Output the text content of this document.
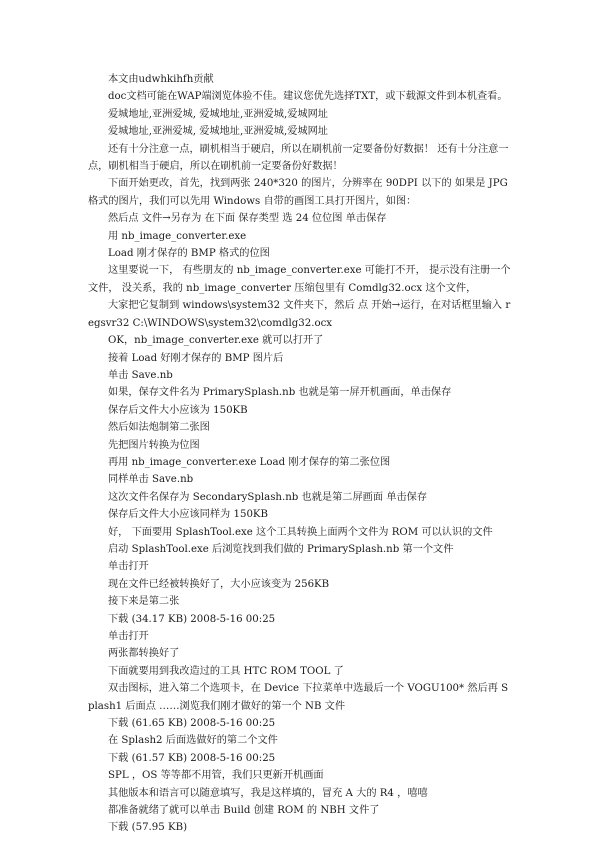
本文由udwhkihfh贡献

doc文档可能在WAP端浏览体验不佳。建议您优先选择TXT，或下载源文件到本机查看。

爱城地址,亚洲爱城, 爱城地址,亚洲爱城,爱城网址

爱城地址,亚洲爱城, 爱城地址,亚洲爱城,爱城网址

还有十分注意一点，刷机相当于硬启，所以在刷机前一定要备份好数据！ 还有十分注意一点，刷机相当于硬启，所以在刷机前一定要备份好数据！

下面开始更改，首先，找到两张 240*320 的图片，分辨率在 90DPI 以下的 如果是 JPG 格式的图片，我们可以先用 Windows 自带的画图工具打开图片，如图：

然后点 文件→另存为 在下面 保存类型 选 24 位位图 单击保存

用 nb_image_converter.exe

Load 刚才保存的 BMP 格式的位图

这里要说一下， 有些朋友的 nb_image_converter.exe 可能打不开， 提示没有注册一个文件， 没关系，我的 nb_image_converter 压缩包里有 Comdlg32.ocx 这个文件，

大家把它复制到 windows\system32 文件夹下，然后 点 开始→运行，在对话框里输入 regsvr32 C:\WINDOWS\system32\comdlg32.ocx

OK，nb_image_converter.exe 就可以打开了

接着 Load 好刚才保存的 BMP 图片后

单击 Save.nb

如果，保存文件名为 PrimarySplash.nb 也就是第一屏开机画面，单击保存

保存后文件大小应该为 150KB

然后如法炮制第二张图

先把图片转换为位图

再用 nb_image_converter.exe Load 刚才保存的第二张位图

同样单击 Save.nb

这次文件名保存为 SecondarySplash.nb 也就是第二屏画面 单击保存

保存后文件大小应该同样为 150KB

好， 下面要用 SplashTool.exe 这个工具转换上面两个文件为 ROM 可以认识的文件

启动 SplashTool.exe 后浏览找到我们做的 PrimarySplash.nb 第一个文件

单击打开

现在文件已经被转换好了，大小应该变为 256KB

接下来是第二张

下载 (34.17 KB) 2008-5-16 00:25

单击打开

两张都转换好了

下面就要用到我改造过的工具 HTC ROM TOOL 了

双击图标，进入第二个选项卡，在 Device 下拉菜单中选最后一个 VOGU100* 然后再 Splash1 后面点 ……浏览我们刚才做好的第一个 NB 文件

下载 (61.65 KB) 2008-5-16 00:25

在 Splash2 后面选做好的第二个文件

下载 (61.57 KB) 2008-5-16 00:25

SPL ，OS 等等都不用管，我们只更新开机画面

其他版本和语言可以随意填写，我是这样填的，冒充 A 大的 R4 ，嘻嘻

都准备就绪了就可以单击 Build 创建 ROM 的 NBH 文件了

下载 (57.95 KB)
